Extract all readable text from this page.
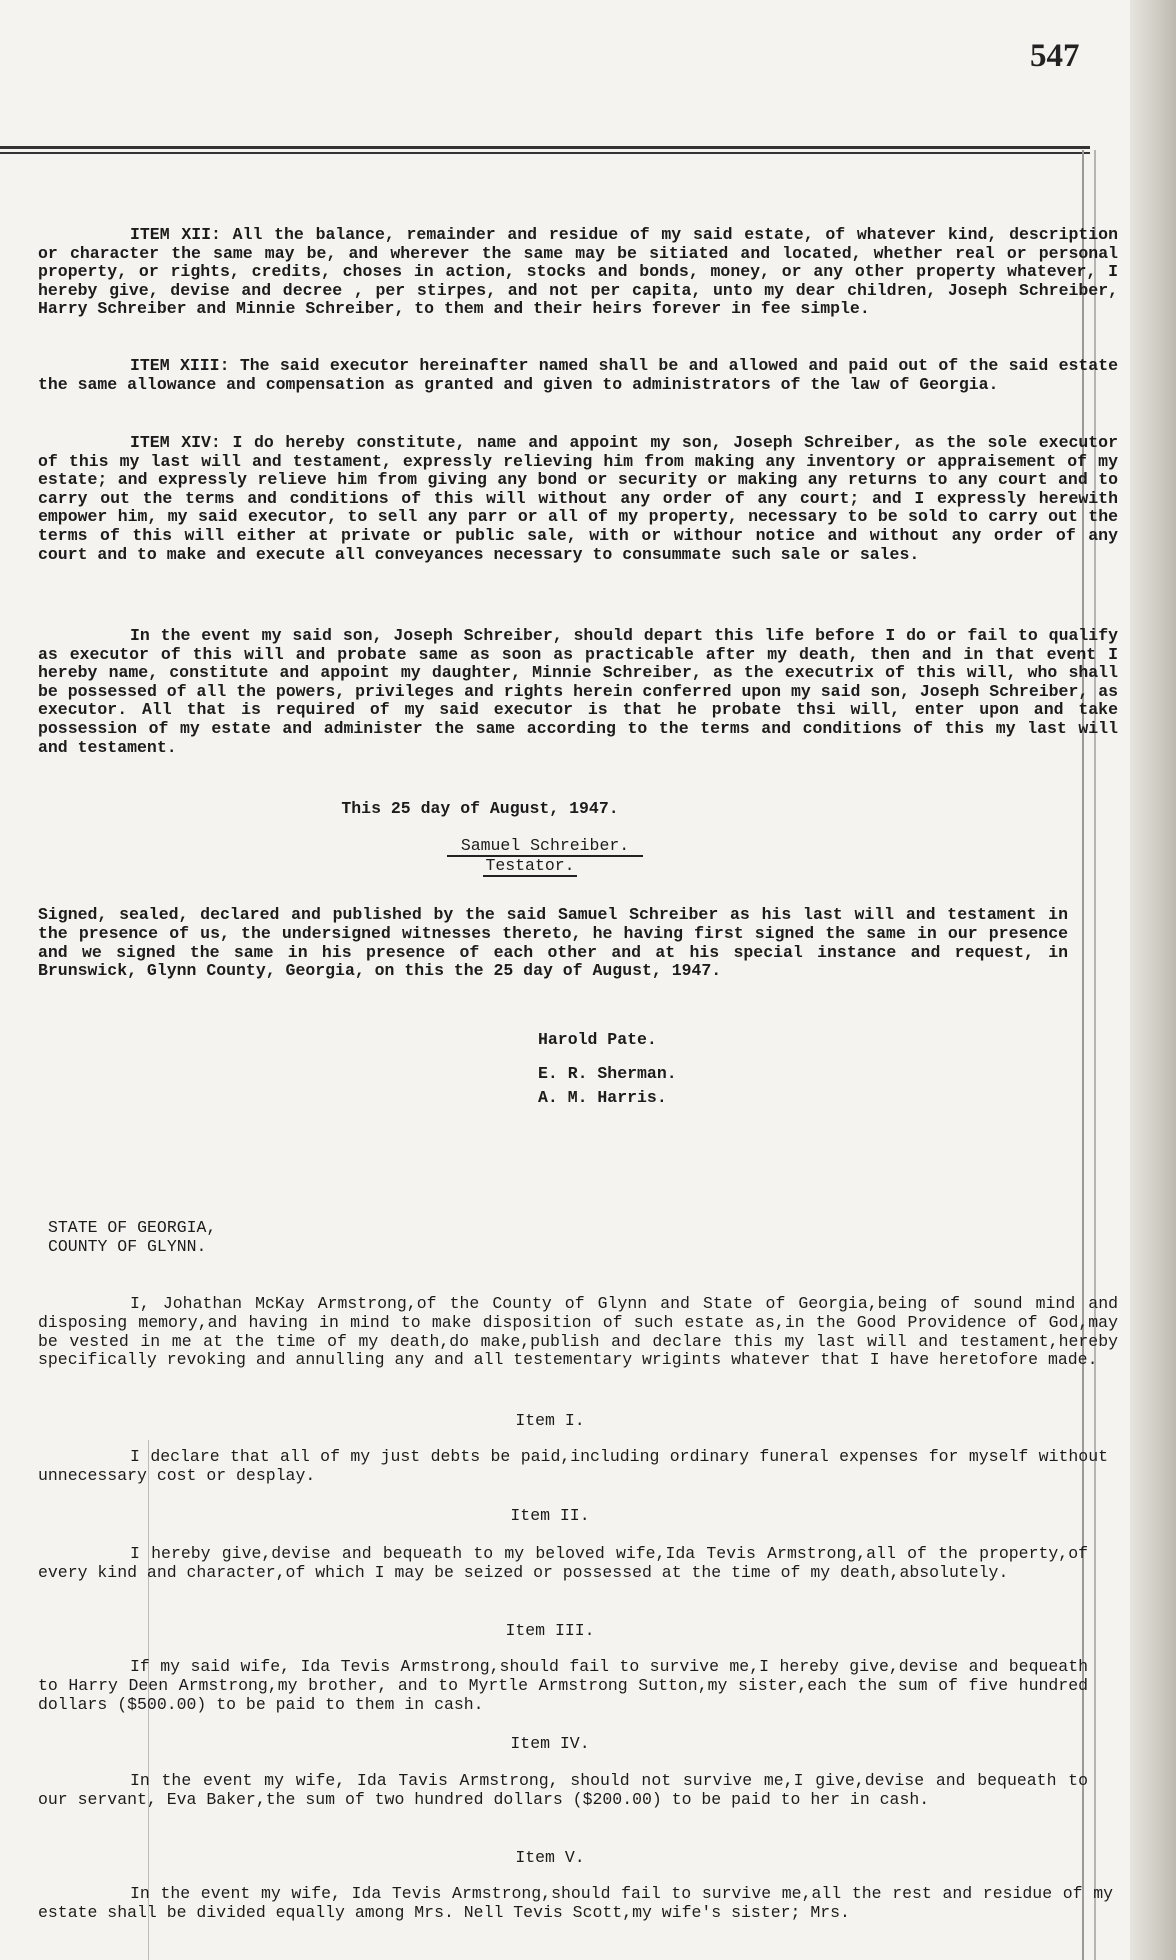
547

ITEM XII: All the balance, remainder and residue of my said estate, of whatever kind, description or character the same may be, and wherever the same may be sitiated and located, whether real or personal property, or rights, credits, choses in action, stocks and bonds, money, or any other property whatever, I hereby give, devise and decree , per stirpes, and not per capita, unto my dear children, Joseph Schreiber, Harry Schreiber and Minnie Schreiber, to them and their heirs forever in fee simple.

ITEM XIII: The said executor hereinafter named shall be and allowed and paid out of the said estate the same allowance and compensation as granted and given to administrators of the law of Georgia.

ITEM XIV: I do hereby constitute, name and appoint my son, Joseph Schreiber, as the sole executor of this my last will and testament, expressly relieving him from making any inventory or appraisement of my estate; and expressly relieve him from giving any bond or security or making any returns to any court and to carry out the terms and conditions of this will without any order of any court; and I expressly herewith empower him, my said executor, to sell any parr or all of my property, necessary to be sold to carry out the terms of this will either at private or public sale, with or withour notice and without any order of any court and to make and execute all conveyances necessary to consummate such sale or sales.

In the event my said son, Joseph Schreiber, should depart this life before I do or fail to qualify as executor of this will and probate same as soon as practicable after my death, then and in that event I hereby name, constitute and appoint my daughter, Minnie Schreiber, as the executrix of this will, who shall be possessed of all the powers, privileges and rights herein conferred upon my said son, Joseph Schreiber, as executor. All that is required of my said executor is that he probate thsi will, enter upon and take possession of my estate and administer the same according to the terms and conditions of this my last will and testament.

This 25 day of August, 1947.

Samuel Schreiber.

Testator.

Signed, sealed, declared and published by the said Samuel Schreiber as his last will and testament in the presence of us, the undersigned witnesses thereto, he having first signed the same in our presence and we signed the same in his presence of each other and at his special instance and request, in Brunswick, Glynn County, Georgia, on this the 25 day of August, 1947.

Harold Pate.
E. R. Sherman.
A. M. Harris.
STATE OF GEORGIA,
COUNTY OF GLYNN.

I, Johathan McKay Armstrong,of the County of Glynn and State of Georgia,being of sound mind and disposing memory,and having in mind to make disposition of such estate as,in the Good Providence of God,may be vested in me at the time of my death,do make,publish and declare this my last will and testament,hereby specifically revoking and annulling any and all testementary wrigints whatever that I have heretofore made.

Item I.

I declare that all of my just debts be paid,including ordinary funeral expenses for myself without unnecessary cost or desplay.

Item II.

I hereby give,devise and bequeath to my beloved wife,Ida Tevis Armstrong,all of the property,of every kind and character,of which I may be seized or possessed at the time of my death,absolutely.

Item III.

If my said wife, Ida Tevis Armstrong,should fail to survive me,I hereby give,devise and bequeath to Harry Deen Armstrong,my brother, and to Myrtle Armstrong Sutton,my sister,each the sum of five hundred dollars ($500.00) to be paid to them in cash.

Item IV.

In the event my wife, Ida Tavis Armstrong, should not survive me,I give,devise and bequeath to our servant, Eva Baker,the sum of two hundred dollars ($200.00) to be paid to her in cash.

Item V.

In the event my wife, Ida Tevis Armstrong,should fail to survive me,all the rest and residue of my estate shall be divided equally among Mrs. Nell Tevis Scott,my wife's sister; Mrs.
